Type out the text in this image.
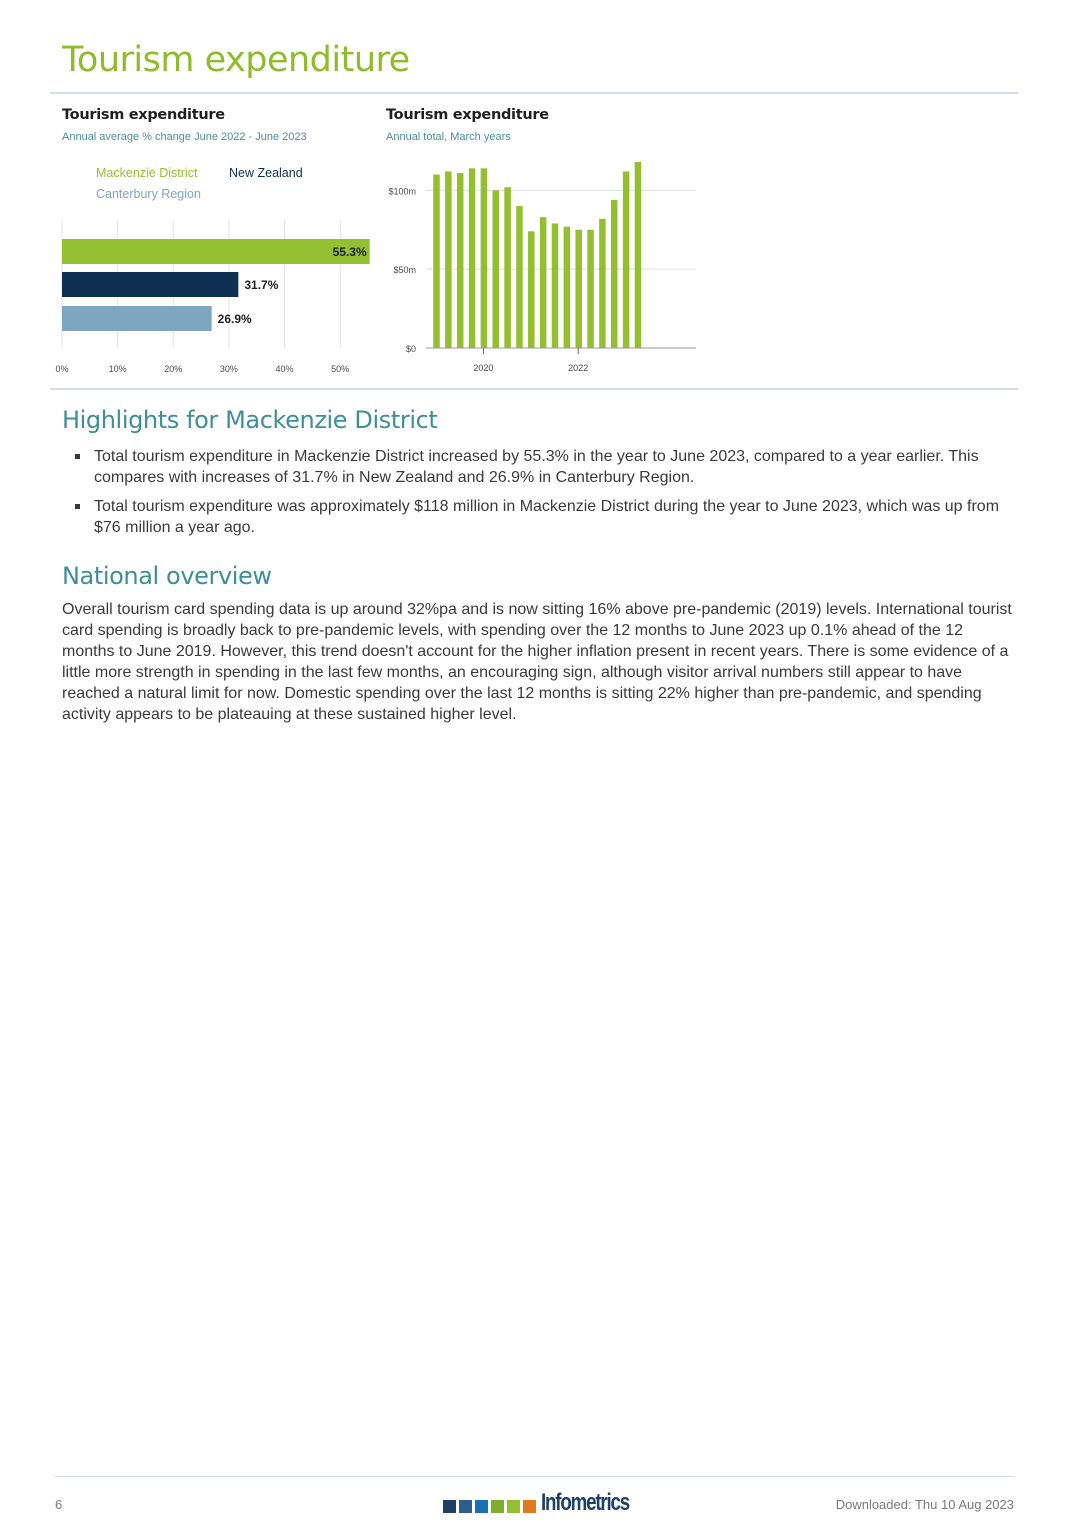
Tourism expenditure
Tourism expenditure
Annual average % change June 2022 - June 2023
Mackenzie District	New Zealand
Canterbury Region
55.3%
31.7%
26.9%
0%	10%	20%	30%	40%	50%
Tourism expenditure
Annual total, March years
$0
$50m
$100m
2020	2022
Highlights for Mackenzie District
Total tourism expenditure in Mackenzie District increased by 55.3% in the year to June 2023, compared to a year earlier. This compares with increases of 31.7% in New Zealand and 26.9% in Canterbury Region.
Total tourism expenditure was approximately $118 million in Mackenzie District during the year to June 2023, which was up from $76 million a year ago.
National overview

Overall tourism card spending data is up around 32%pa and is now sitting 16% above pre-pandemic (2019) levels. International tourist card spending is broadly back to pre-pandemic levels, with spending over the 12 months to June 2023 up 0.1% ahead of the 12 months to June 2019. However, this trend doesn't account for the higher inflation present in recent years. There is some evidence of a little more strength in spending in the last few months, an encouraging sign, although visitor arrival numbers still appear to have reached a natural limit for now. Domestic spending over the last 12 months is sitting 22% higher than pre-pandemic, and spending activity appears to be plateauing at these sustained higher level.

6	Infometrics	Downloaded: Thu 10 Aug 2023
